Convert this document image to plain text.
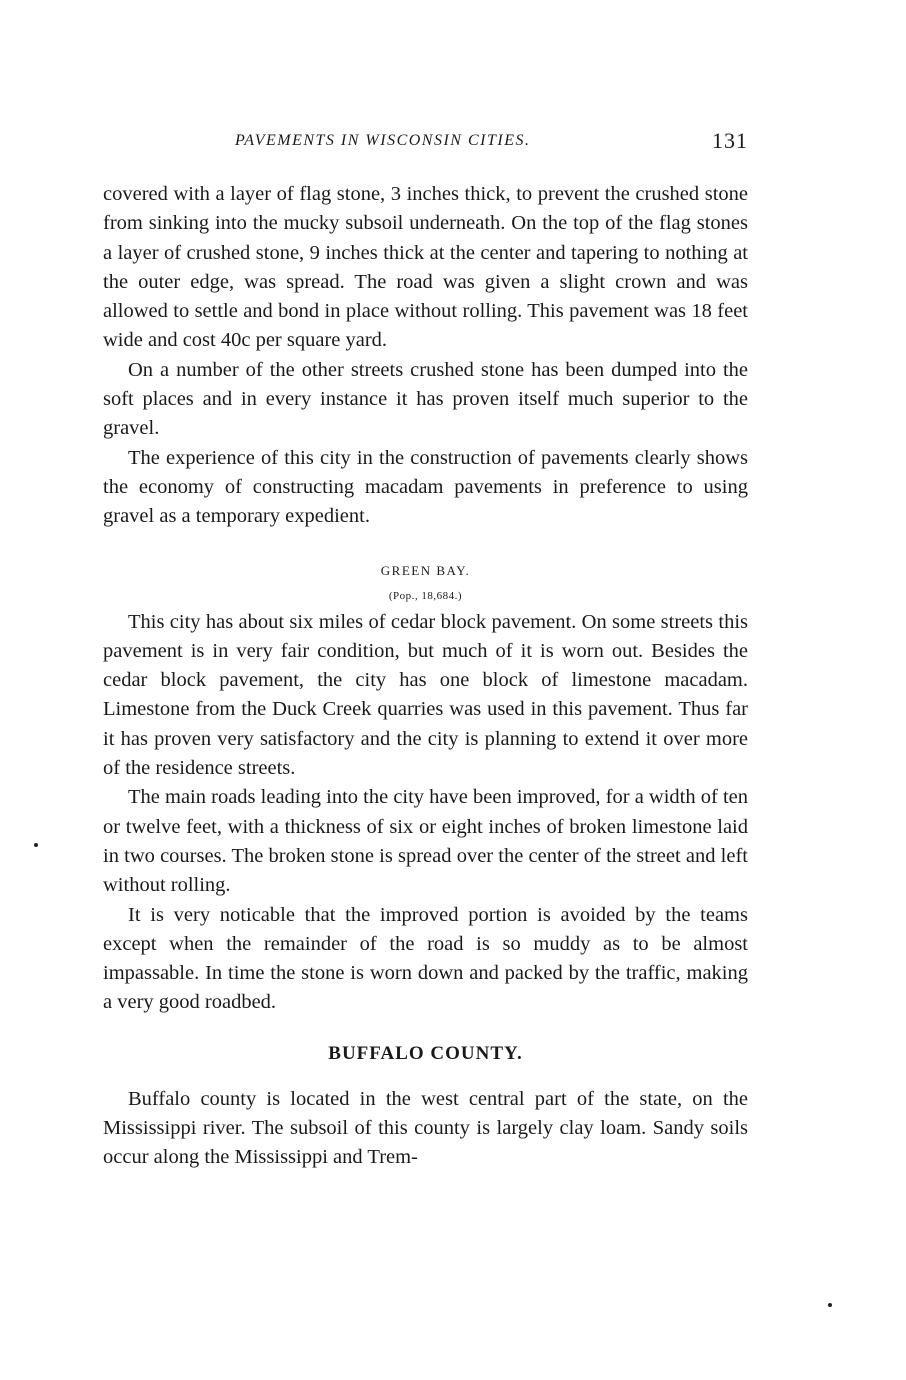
PAVEMENTS IN WISCONSIN CITIES.	131

covered with a layer of flag stone, 3 inches thick, to prevent the crushed stone from sinking into the mucky subsoil underneath. On the top of the flag stones a layer of crushed stone, 9 inches thick at the center and tapering to nothing at the outer edge, was spread. The road was given a slight crown and was allowed to settle and bond in place without rolling. This pavement was 18 feet wide and cost 40c per square yard.

On a number of the other streets crushed stone has been dumped into the soft places and in every instance it has proven itself much superior to the gravel.

The experience of this city in the construction of pavements clearly shows the economy of constructing macadam pavements in preference to using gravel as a temporary expedient.

GREEN BAY.

(Pop., 18,684.)

This city has about six miles of cedar block pavement. On some streets this pavement is in very fair condition, but much of it is worn out. Besides the cedar block pavement, the city has one block of limestone macadam. Limestone from the Duck Creek quarries was used in this pavement. Thus far it has proven very satisfactory and the city is planning to extend it over more of the residence streets.

The main roads leading into the city have been improved, for a width of ten or twelve feet, with a thickness of six or eight inches of broken limestone laid in two courses. The broken stone is spread over the center of the street and left without rolling.

It is very noticable that the improved portion is avoided by the teams except when the remainder of the road is so muddy as to be almost impassable. In time the stone is worn down and packed by the traffic, making a very good roadbed.

BUFFALO COUNTY.

Buffalo county is located in the west central part of the state, on the Mississippi river. The subsoil of this county is largely clay loam. Sandy soils occur along the Mississippi and Trem-
